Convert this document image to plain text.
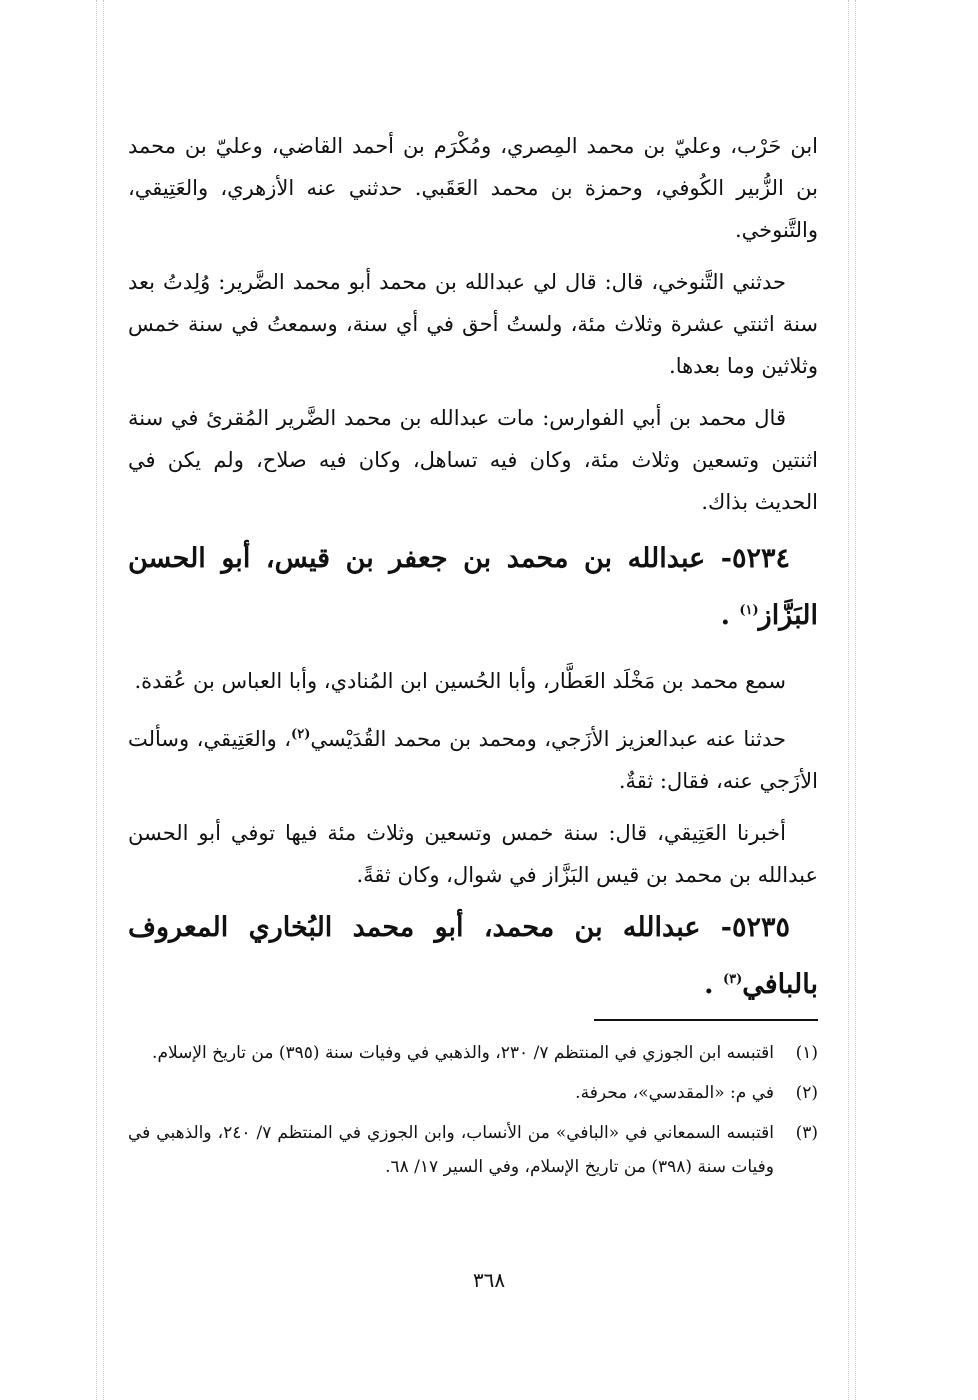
ابن حَرْب، وعليّ بن محمد المِصري، ومُكْرَم بن أحمد القاضي، وعليّ بن محمد بن الزُّبير الكُوفي، وحمزة بن محمد العَقَبي. حدثني عنه الأزهري، والعَتِيقي، والتَّنوخي.

حدثني التَّنوخي، قال: قال لي عبدالله بن محمد أبو محمد الضَّرير: وُلِدتُ بعد سنة اثنتي عشرة وثلاث مئة، ولستُ أحق في أي سنة، وسمعتُ في سنة خمس وثلاثين وما بعدها.

قال محمد بن أبي الفوارس: مات عبدالله بن محمد الضَّرير المُقرئ في سنة اثنتين وتسعين وثلاث مئة، وكان فيه تساهل، وكان فيه صلاح، ولم يكن في الحديث بذاك.

٥٢٣٤- عبدالله بن محمد بن جعفر بن قيس، أبو الحسن البَزَّاز$^{(١)}$ .

سمع محمد بن مَخْلَد العَطَّار، وأبا الحُسين ابن المُنادي، وأبا العباس بن عُقدة.

حدثنا عنه عبدالعزيز الأزَجي، ومحمد بن محمد القُدَيْسي$^{(٢)}$، والعَتِيقي، وسألت الأزَجي عنه، فقال: ثقةٌ.

أخبرنا العَتِيقي، قال: سنة خمس وتسعين وثلاث مئة فيها توفي أبو الحسن عبدالله بن محمد بن قيس البَزَّاز في شوال، وكان ثقةً.

٥٢٣٥- عبدالله بن محمد، أبو محمد البُخاري المعروف بالبافي$^{(٣)}$ .

(١)
اقتبسه ابن الجوزي في المنتظم ٧/ ٢٣٠، والذهبي في وفيات سنة (٣٩٥) من تاريخ الإسلام.
(٢)
في م: «المقدسي»، محرفة.
(٣)
اقتبسه السمعاني في «البافي» من الأنساب، وابن الجوزي في المنتظم ٧/ ٢٤٠، والذهبي في وفيات سنة (٣٩٨) من تاريخ الإسلام، وفي السير ١٧/ ٦٨.
٣٦٨
